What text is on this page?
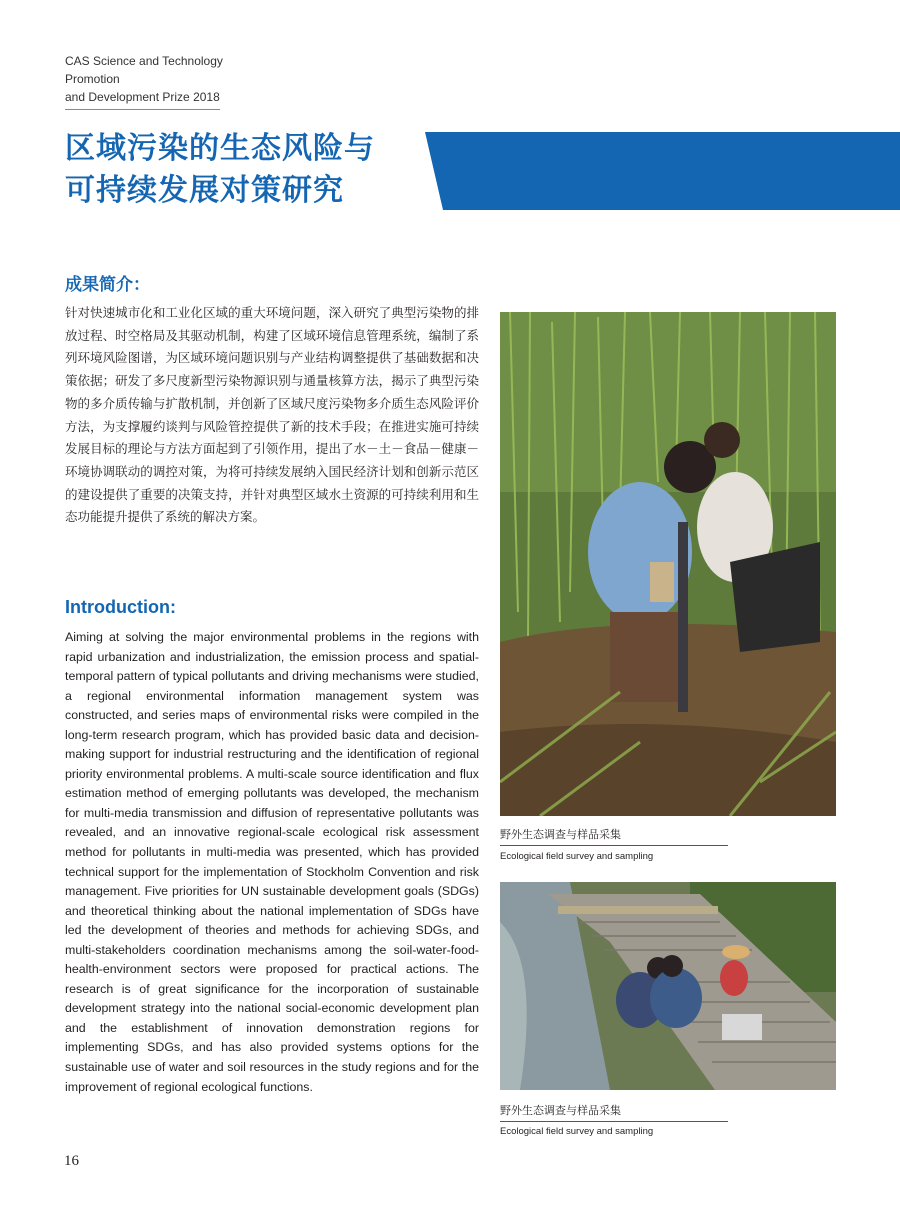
CAS Science and Technology Promotion
and Development Prize 2018
区域污染的生态风险与
可持续发展对策研究
成果简介：
针对快速城市化和工业化区域的重大环境问题，深入研究了典型污染物的排放过程、时空格局及其驱动机制，构建了区域环境信息管理系统，编制了系列环境风险图谱，为区域环境问题识别与产业结构调整提供了基础数据和决策依据；研发了多尺度新型污染物源识别与通量核算方法，揭示了典型污染物的多介质传输与扩散机制，并创新了区域尺度污染物多介质生态风险评价方法，为支撑履约谈判与风险管控提供了新的技术手段；在推进实施可持续发展目标的理论与方法方面起到了引领作用，提出了水－土－食品－健康－环境协调联动的调控对策，为将可持续发展纳入国民经济计划和创新示范区的建设提供了重要的决策支持，并针对典型区域水土资源的可持续利用和生态功能提升提供了系统的解决方案。
Introduction:
Aiming at solving the major environmental problems in the regions with rapid urbanization and industrialization, the emission process and spatial-temporal pattern of typical pollutants and driving mechanisms were studied, a regional environmental information management system was constructed, and series maps of environmental risks were compiled in the long-term research program, which has provided basic data and decision-making support for industrial restructuring and the identification of regional priority environmental problems. A multi-scale source identification and flux estimation method of emerging pollutants was developed, the mechanism for multi-media transmission and diffusion of representative pollutants was revealed, and an innovative regional-scale ecological risk assessment method for pollutants in multi-media was presented, which has provided technical support for the implementation of Stockholm Convention and risk management. Five priorities for UN sustainable development goals (SDGs) and theoretical thinking about the national implementation of SDGs have led the development of theories and methods for achieving SDGs, and multi-stakeholders coordination mechanisms among the soil-water-food-health-environment sectors were proposed for practical actions. The research is of great significance for the incorporation of sustainable development strategy into the national social-economic development plan and the establishment of innovation demonstration regions for implementing SDGs, and has also provided systems options for the sustainable use of water and soil resources in the study regions and for the improvement of regional ecological functions.
野外生态调查与样品采集
Ecological field survey and sampling
野外生态调查与样品采集
Ecological field survey and sampling
16
